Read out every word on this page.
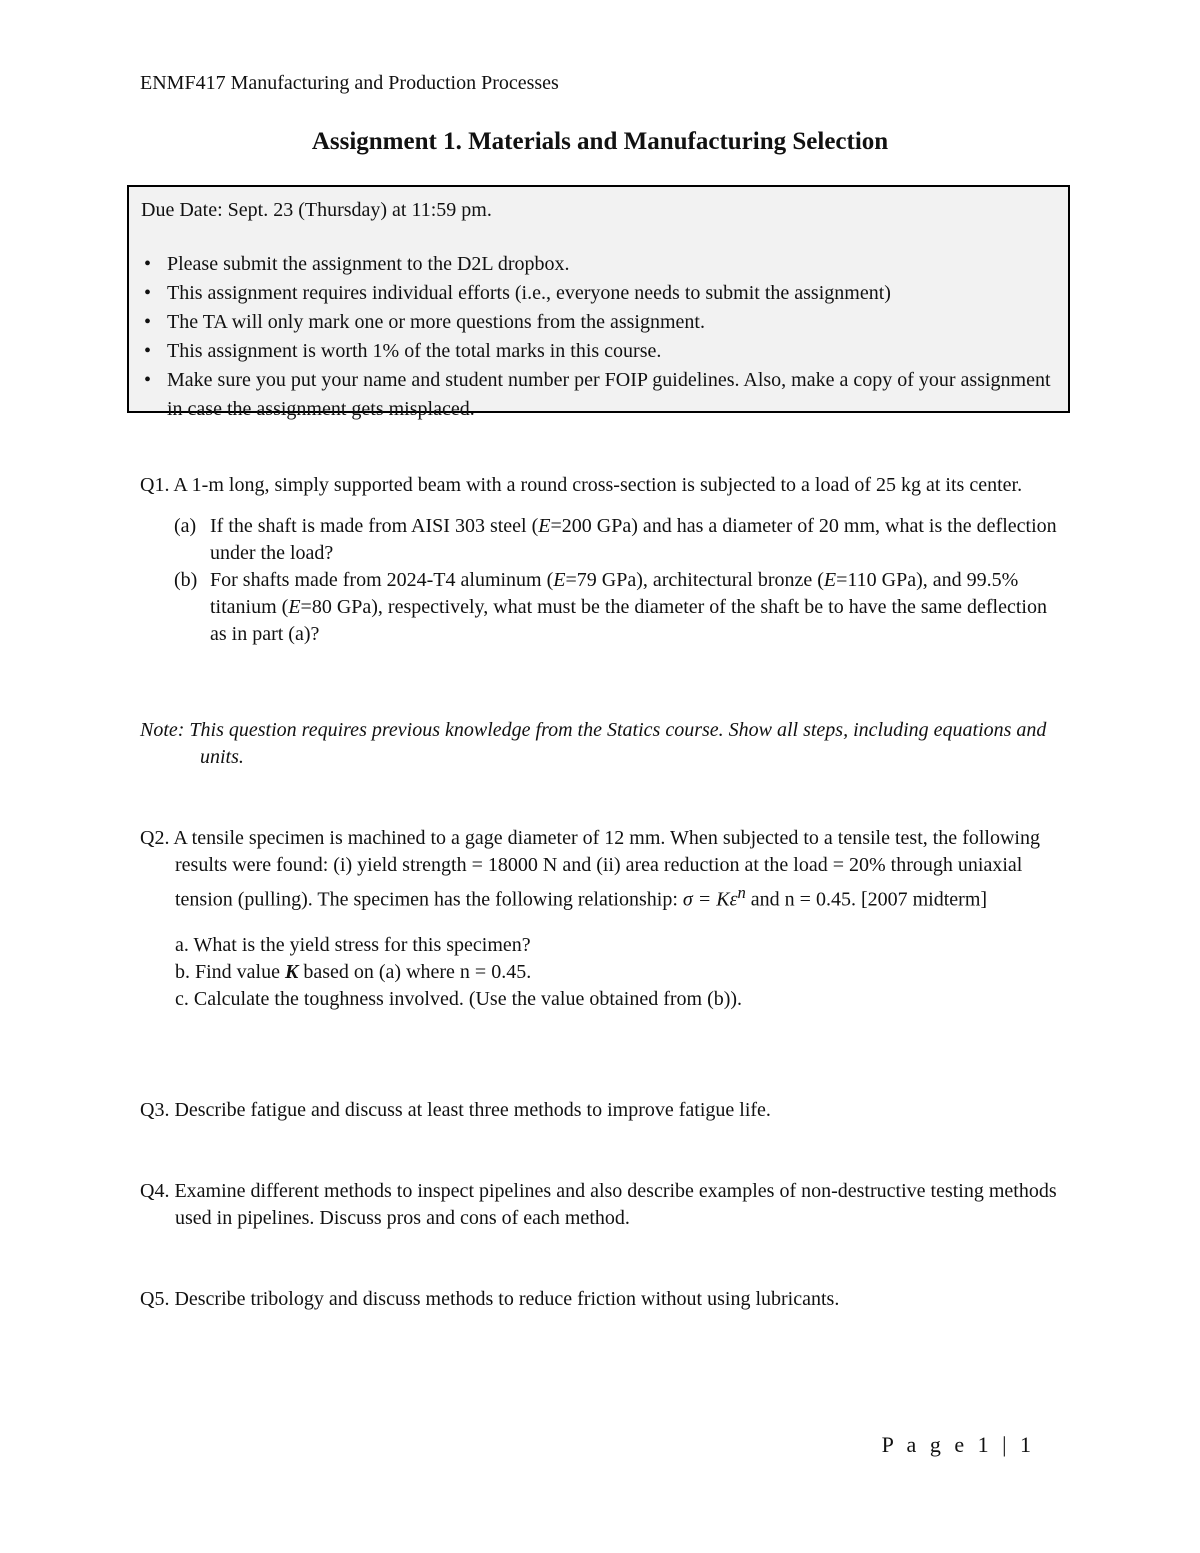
ENMF417 Manufacturing and Production Processes
Assignment 1. Materials and Manufacturing Selection
Due Date: Sept. 23 (Thursday) at 11:59 pm.
• Please submit the assignment to the D2L dropbox.
• This assignment requires individual efforts (i.e., everyone needs to submit the assignment)
• The TA will only mark one or more questions from the assignment.
• This assignment is worth 1% of the total marks in this course.
• Make sure you put your name and student number per FOIP guidelines. Also, make a copy of your assignment in case the assignment gets misplaced.
Q1. A 1-m long, simply supported beam with a round cross-section is subjected to a load of 25 kg at its center.
(a) If the shaft is made from AISI 303 steel (E=200 GPa) and has a diameter of 20 mm, what is the deflection under the load?
(b) For shafts made from 2024-T4 aluminum (E=79 GPa), architectural bronze (E=110 GPa), and 99.5% titanium (E=80 GPa), respectively, what must be the diameter of the shaft be to have the same deflection as in part (a)?
Note: This question requires previous knowledge from the Statics course. Show all steps, including equations and units.
Q2. A tensile specimen is machined to a gage diameter of 12 mm. When subjected to a tensile test, the following results were found: (i) yield strength = 18000 N and (ii) area reduction at the load = 20% through uniaxial tension (pulling). The specimen has the following relationship: $\sigma = K\varepsilon^n$ and n = 0.45. [2007 midterm]
a. What is the yield stress for this specimen?
b. Find value K based on (a) where n = 0.45.
c. Calculate the toughness involved. (Use the value obtained from (b)).
Q3. Describe fatigue and discuss at least three methods to improve fatigue life.
Q4. Examine different methods to inspect pipelines and also describe examples of non-destructive testing methods used in pipelines. Discuss pros and cons of each method.
Q5. Describe tribology and discuss methods to reduce friction without using lubricants.
P a g e 1 | 1
